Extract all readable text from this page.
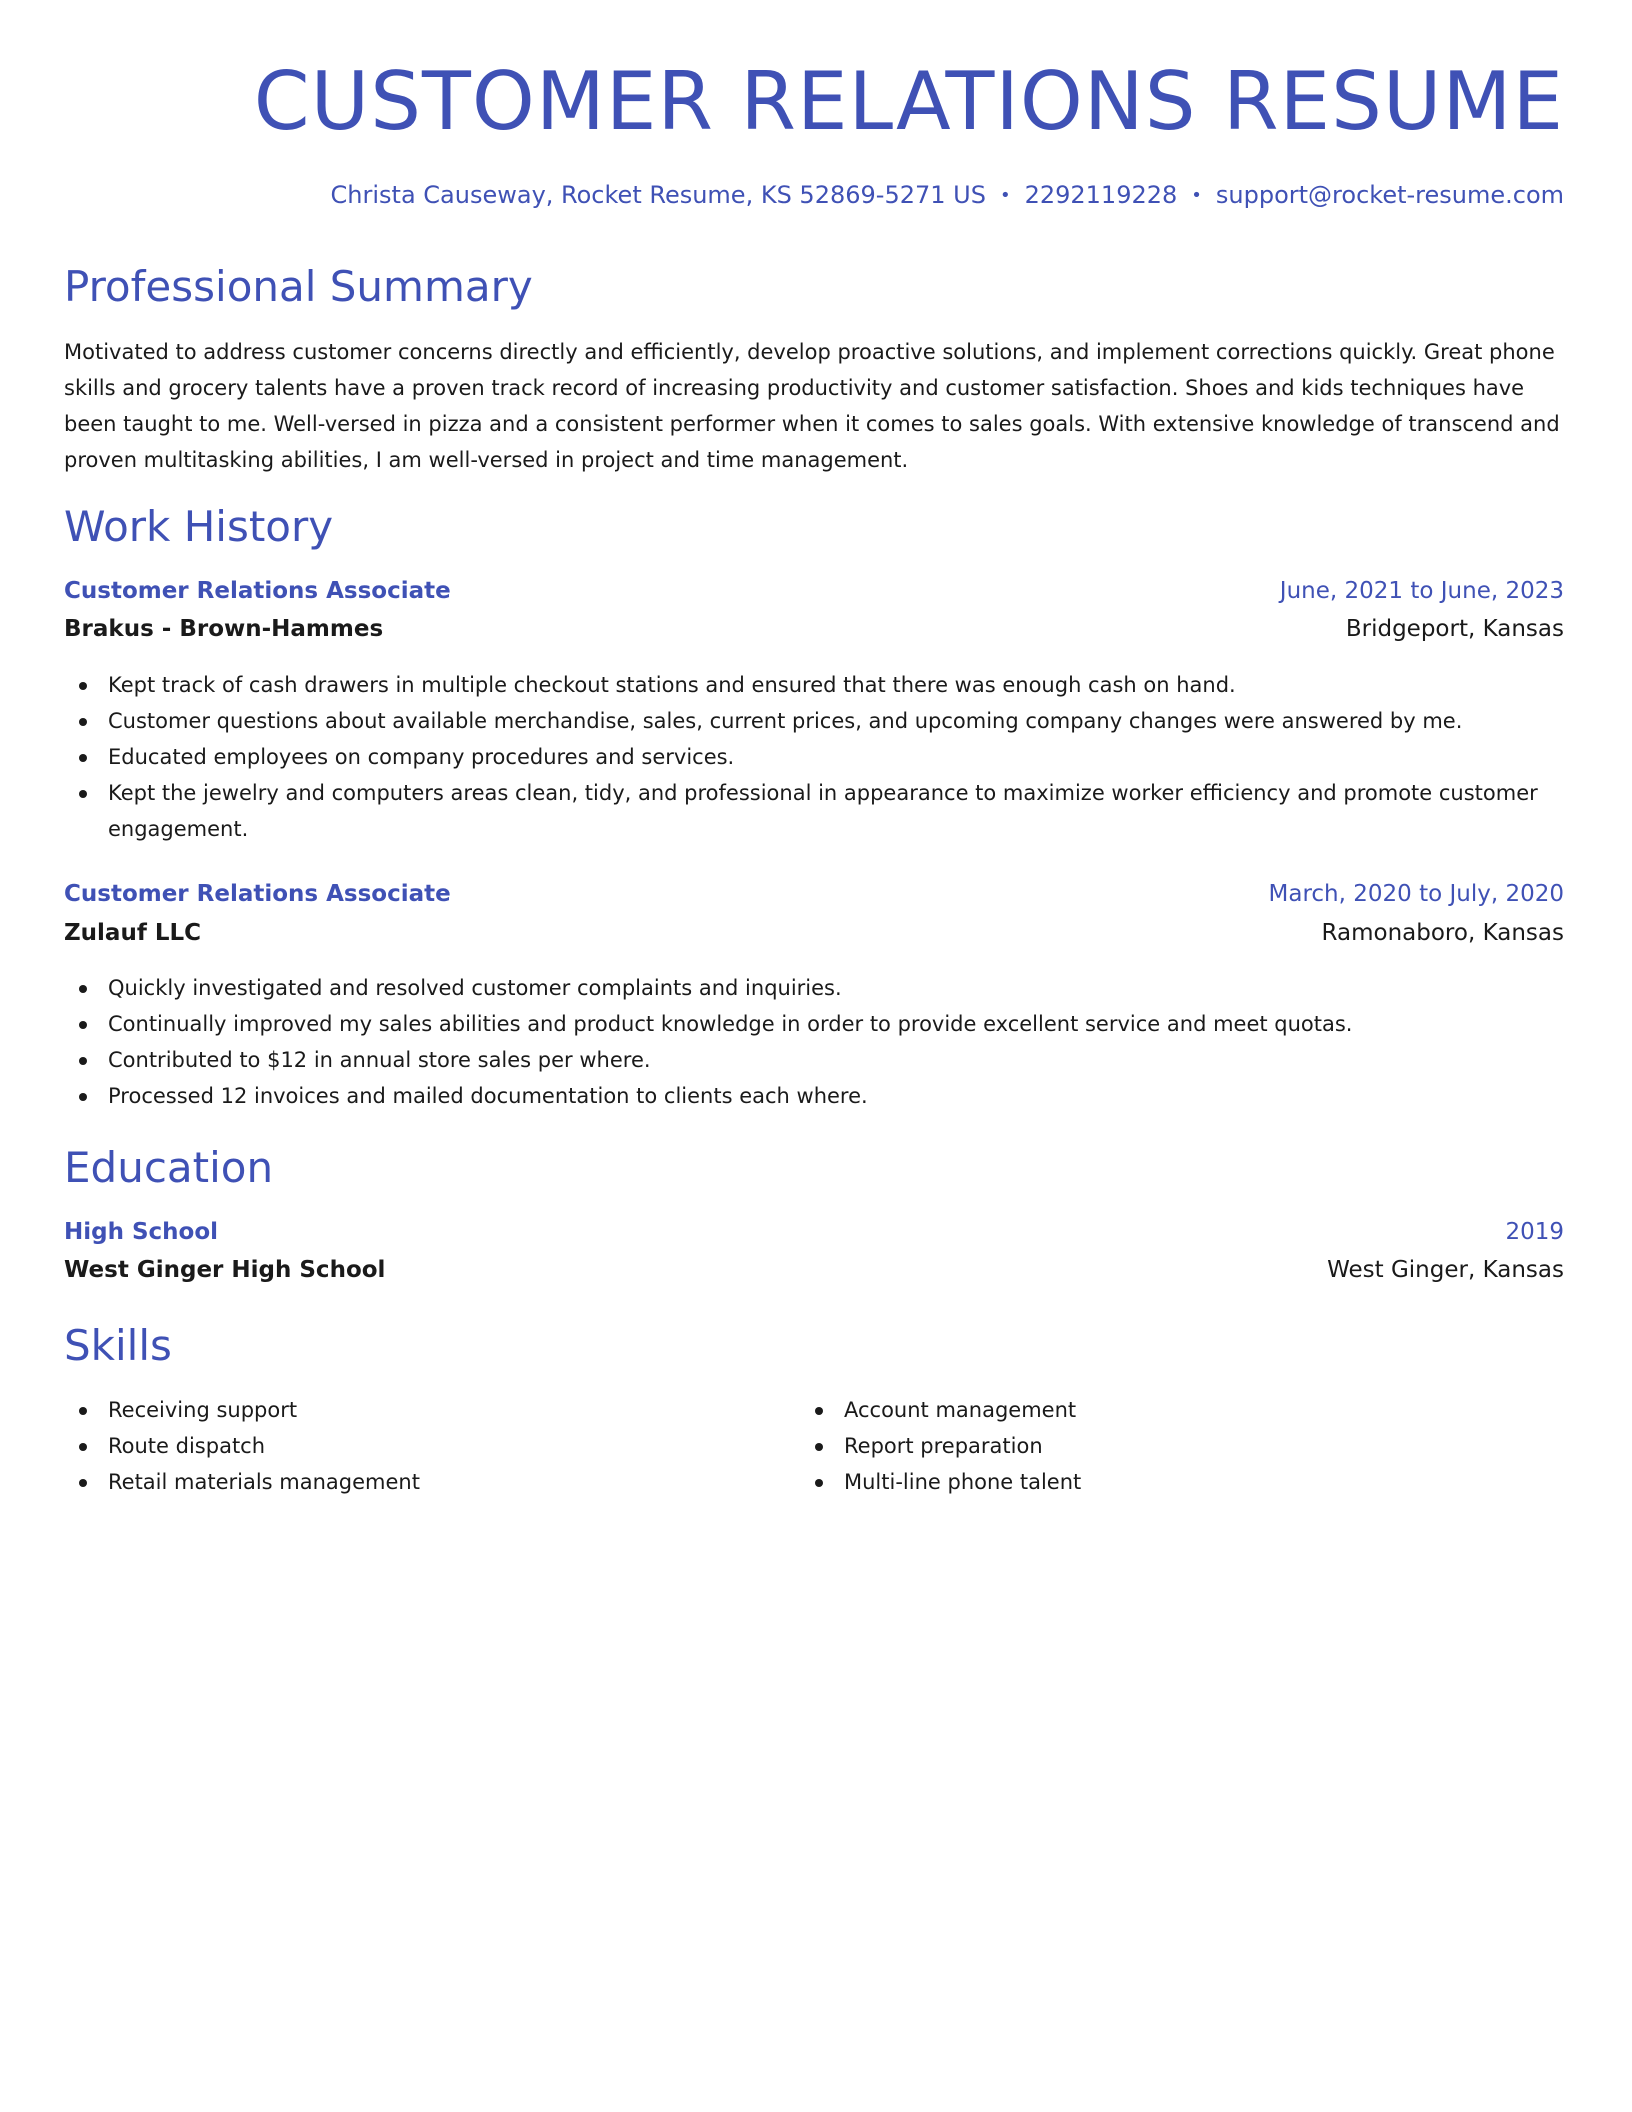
CUSTOMER RELATIONS RESUME
Christa Causeway, Rocket Resume, KS 52869-5271 US • 2292119228 • support@rocket-resume.com
Professional Summary

Motivated to address customer concerns directly and efficiently, develop proactive solutions, and implement corrections quickly. Great phone skills and grocery talents have a proven track record of increasing productivity and customer satisfaction. Shoes and kids techniques have been taught to me. Well-versed in pizza and a consistent performer when it comes to sales goals. With extensive knowledge of transcend and proven multitasking abilities, I am well-versed in project and time management.

Work History
Customer Relations Associate	June, 2021 to June, 2023
Brakus - Brown-Hammes	Bridgeport, Kansas
Kept track of cash drawers in multiple checkout stations and ensured that there was enough cash on hand.
Customer questions about available merchandise, sales, current prices, and upcoming company changes were answered by me.
Educated employees on company procedures and services.
Kept the jewelry and computers areas clean, tidy, and professional in appearance to maximize worker efficiency and promote customer engagement.
Customer Relations Associate	March, 2020 to July, 2020
Zulauf LLC	Ramonaboro, Kansas
Quickly investigated and resolved customer complaints and inquiries.
Continually improved my sales abilities and product knowledge in order to provide excellent service and meet quotas.
Contributed to $12 in annual store sales per where.
Processed 12 invoices and mailed documentation to clients each where.
Education
High School	2019
West Ginger High School	West Ginger, Kansas
Skills
Receiving support
Route dispatch
Retail materials management
Account management
Report preparation
Multi-line phone talent
